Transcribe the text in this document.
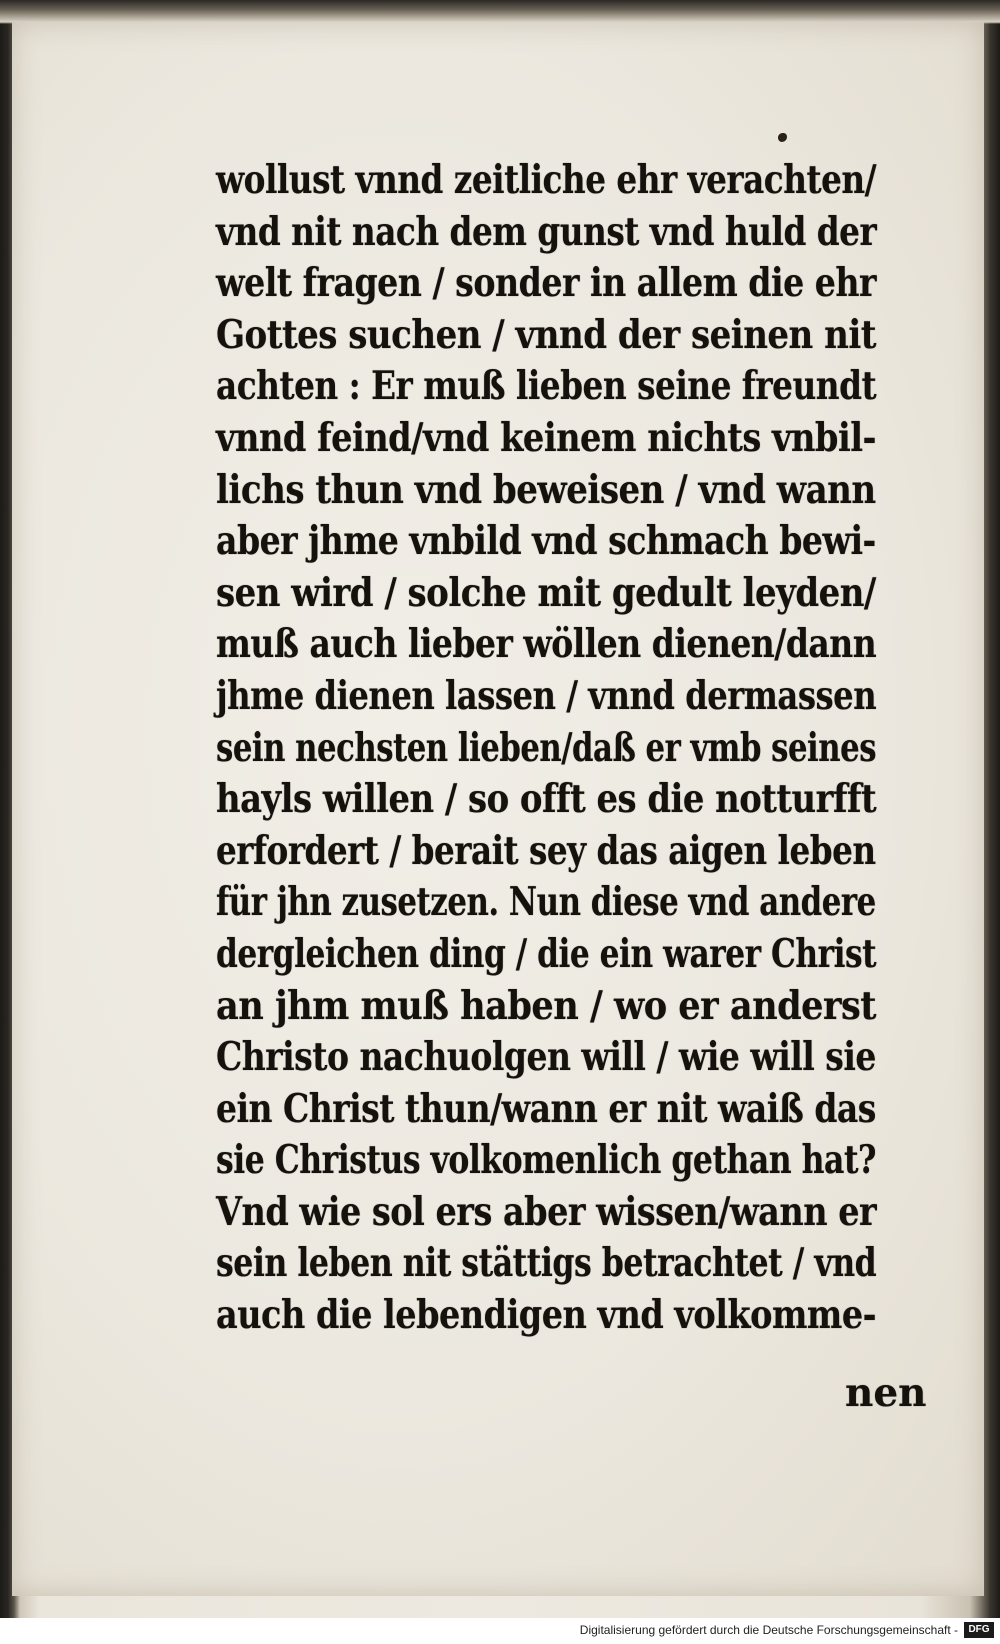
wollust vnnd zeitliche ehr verachten/
vnd nit nach dem gunst vnd huld der
welt fragen / sonder in allem die ehr
Gottes suchen / vnnd der seinen nit
achten : Er muß lieben seine freundt
vnnd feind/vnd keinem nichts vnbil-
lichs thun vnd beweisen / vnd wann
aber jhme vnbild vnd schmach bewi-
sen wird / solche mit gedult leyden/
muß auch lieber wöllen dienen/dann
jhme dienen lassen / vnnd dermassen
sein nechsten lieben/daß er vmb seines
hayls willen / so offt es die notturfft
erfordert / berait sey das aigen leben
für jhn zusetzen. Nun diese vnd andere
dergleichen ding / die ein warer Christ
an jhm muß haben / wo er anderst
Christo nachuolgen will / wie will sie
ein Christ thun/wann er nit waiß das
sie Christus volkomenlich gethan hat?
Vnd wie sol ers aber wissen/wann er
sein leben nit stättigs betrachtet / vnd
auch die lebendigen vnd volkomme-
nen
Digitalisierung gefördert durch die Deutsche Forschungsgemeinschaft -	DFG
